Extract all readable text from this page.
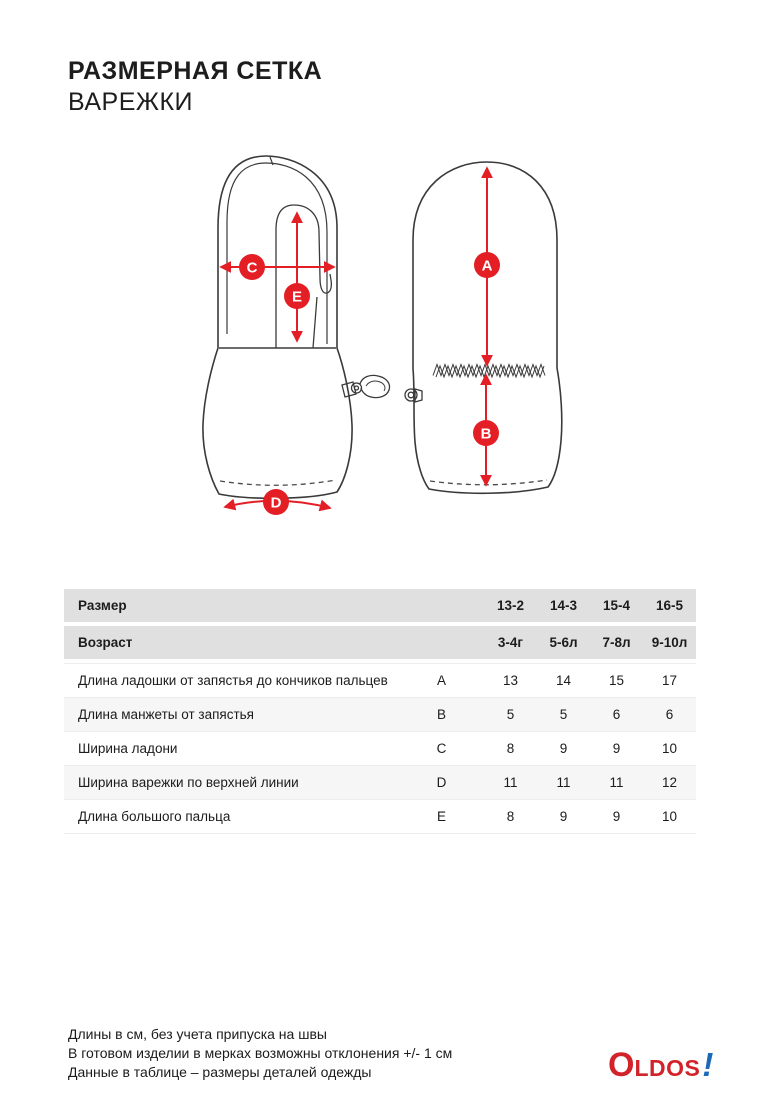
РАЗМЕРНАЯ СЕТКА
ВАРЕЖКИ
C
E
D
A
B
Размер	13-2	14-3	15-4	16-5
Возраст	3-4г	5-6л	7-8л	9-10л
Длина ладошки от запястья до кончиков пальцев	A	13	14	15	17
Длина манжеты от запястья	B	5	5	6	6
Ширина ладони	C	8	9	9	10
Ширина варежки по верхней линии	D	11	11	11	12
Длина большого пальца	E	8	9	9	10
Длины в см, без учета припуска на швы
В готовом изделии в мерках возможны отклонения +/- 1 см
Данные в таблице – размеры деталей одежды	O LDOS !
